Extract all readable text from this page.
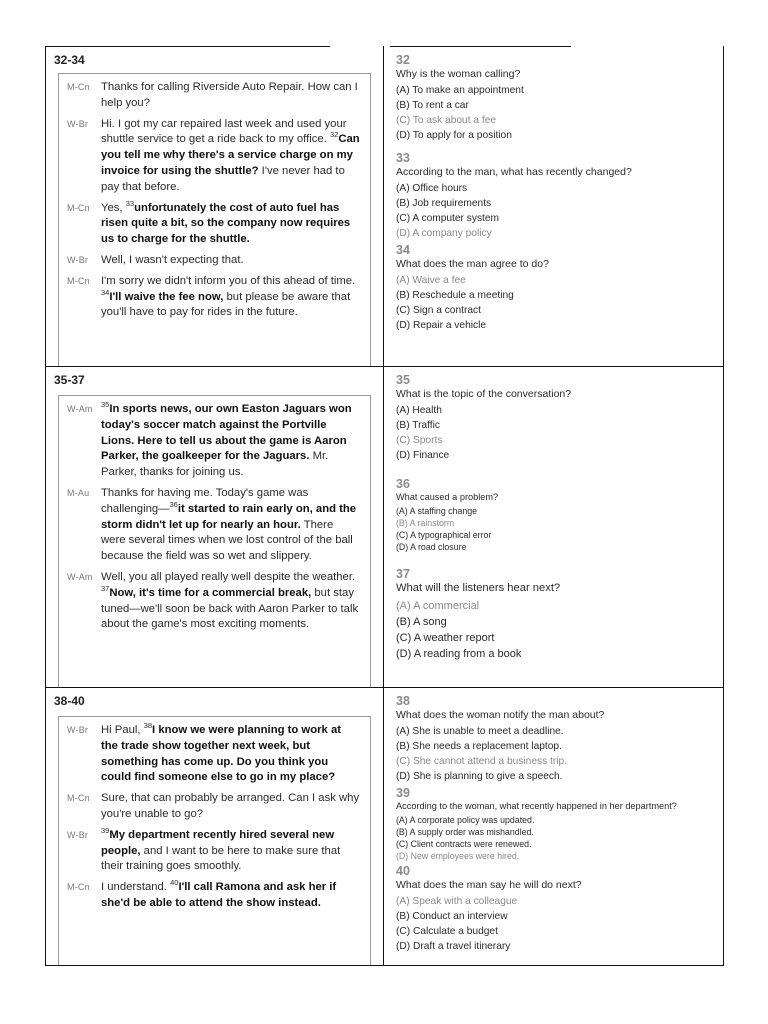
32-34
M-Cn Thanks for calling Riverside Auto Repair. How can I help you?
W-Br	Hi. I got my car repaired last week and used your shuttle service to get a ride back to my office. $^{32}$Can you tell me why there's a service charge on my invoice for using the shuttle? I've never had to pay that before.
M-Cn Yes, $^{33}$unfortunately the cost of auto fuel has risen quite a bit, so the company now requires us to charge for the shuttle.
W-Br	Well, I wasn't expecting that.
M-Cn I'm sorry we didn't inform you of this ahead of time. $^{34}$I'll waive the fee now, but please be aware that you'll have to pay for rides in the future.
32
Why is the woman calling?
(A) To make an appointment
(B) To rent a car
(C) To ask about a fee
(D) To apply for a position
33
According to the man, what has recently changed?
(A) Office hours
(B) Job requirements
(C) A computer system
(D) A company policy
34
What does the man agree to do?
(A) Waive a fee
(B) Reschedule a meeting
(C) Sign a contract
(D) Repair a vehicle
35-37
W-Am	$^{35}$In sports news, our own Easton Jaguars won today's soccer match against the Portville Lions. Here to tell us about the game is Aaron Parker, the goalkeeper for the Jaguars. Mr. Parker, thanks for joining us.
M-Au	Thanks for having me. Today's game was challenging—$^{36}$it started to rain early on, and the storm didn't let up for nearly an hour. There were several times when we lost control of the ball because the field was so wet and slippery.
W-Am Well, you all played really well despite the weather. $^{37}$Now, it's time for a commercial break, but stay tuned—we'll soon be back with Aaron Parker to talk about the game's most exciting moments.
35
What is the topic of the conversation?
(A) Health
(B) Traffic
(C) Sports
(D) Finance
36
What caused a problem?
(A) A staffing change
(B) A rainstorm
(C) A typographical error
(D) A road closure
37
What will the listeners hear next?
(A) A commercial
(B) A song
(C) A weather report
(D) A reading from a book
38-40
W-Br	Hi Paul, $^{38}$I know we were planning to work at the trade show together next week, but something has come up. Do you think you could find someone else to go in my place?
M-Cn Sure, that can probably be arranged. Can I ask why you're unable to go?
W-Br	$^{39}$My department recently hired several new people, and I want to be here to make sure that their training goes smoothly.
M-Cn I understand. $^{40}$I'll call Ramona and ask her if she'd be able to attend the show instead.
38
What does the woman notify the man about?
(A) She is unable to meet a deadline.
(B) She needs a replacement laptop.
(C) She cannot attend a business trip.
(D) She is planning to give a speech.
39
According to the woman, what recently happened in her department?
(A) A corporate policy was updated.
(B) A supply order was mishandled.
(C) Client contracts were renewed.
(D) New employees were hired.
40
What does the man say he will do next?
(A) Speak with a colleague
(B) Conduct an interview
(C) Calculate a budget
(D) Draft a travel itinerary
